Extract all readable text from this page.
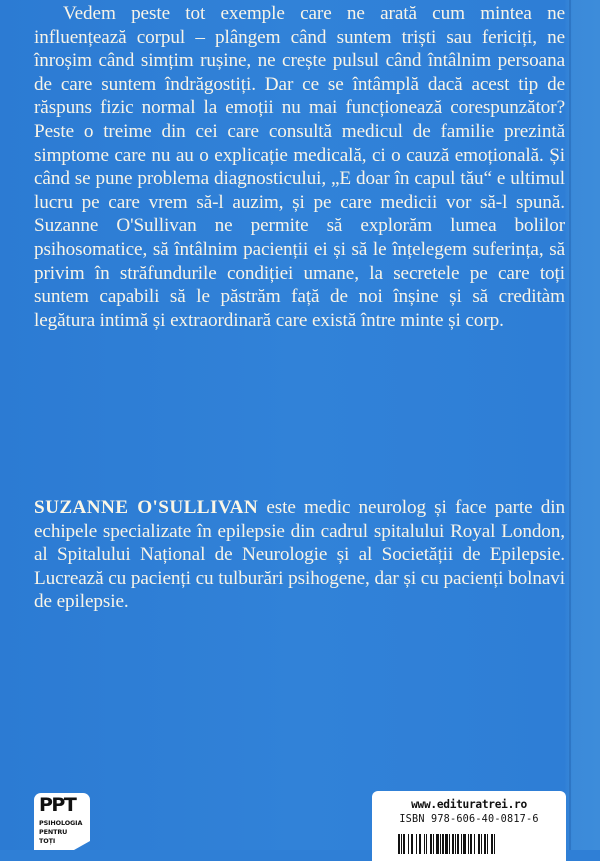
Vedem peste tot exemple care ne arată cum mintea ne influențează corpul – plângem când suntem triști sau fericiți, ne înroșim când simțim rușine, ne crește pulsul când întâlnim persoana de care suntem îndrăgostiți. Dar ce se întâmplă dacă acest tip de răspuns fizic normal la emoții nu mai funcționează corespunzător? Peste o treime din cei care consultă medicul de familie prezintă simptome care nu au o explicație medicală, ci o cauză emoțională. Și când se pune problema diagnosticului, „E doar în capul tău“ e ultimul lucru pe care vrem să-l auzim, și pe care medicii vor să-l spună. Suzanne O'Sullivan ne permite să explorăm lumea bolilor psihosomatice, să întâlnim pacienții ei și să le înțelegem suferința, să privim în străfundurile condiției umane, la secretele pe care toți suntem capabili să le păstrăm față de noi înșine și să creditàm legătura intimă și extraordinară care există între minte și corp.

SUZANNE O'SULLIVAN este medic neurolog și face parte din echipele specializate în epilepsie din cadrul spitalului Royal London, al Spitalului Național de Neurologie și al Societății de Epilepsie. Lucrează cu pacienți cu tulburări psihogene, dar și cu pacienți bolnavi de epilepsie.

PPT
PSIHOLOGIA
PENTRU
TOȚI
www.edituratrei.ro
ISBN 978-606-40-0817-6
